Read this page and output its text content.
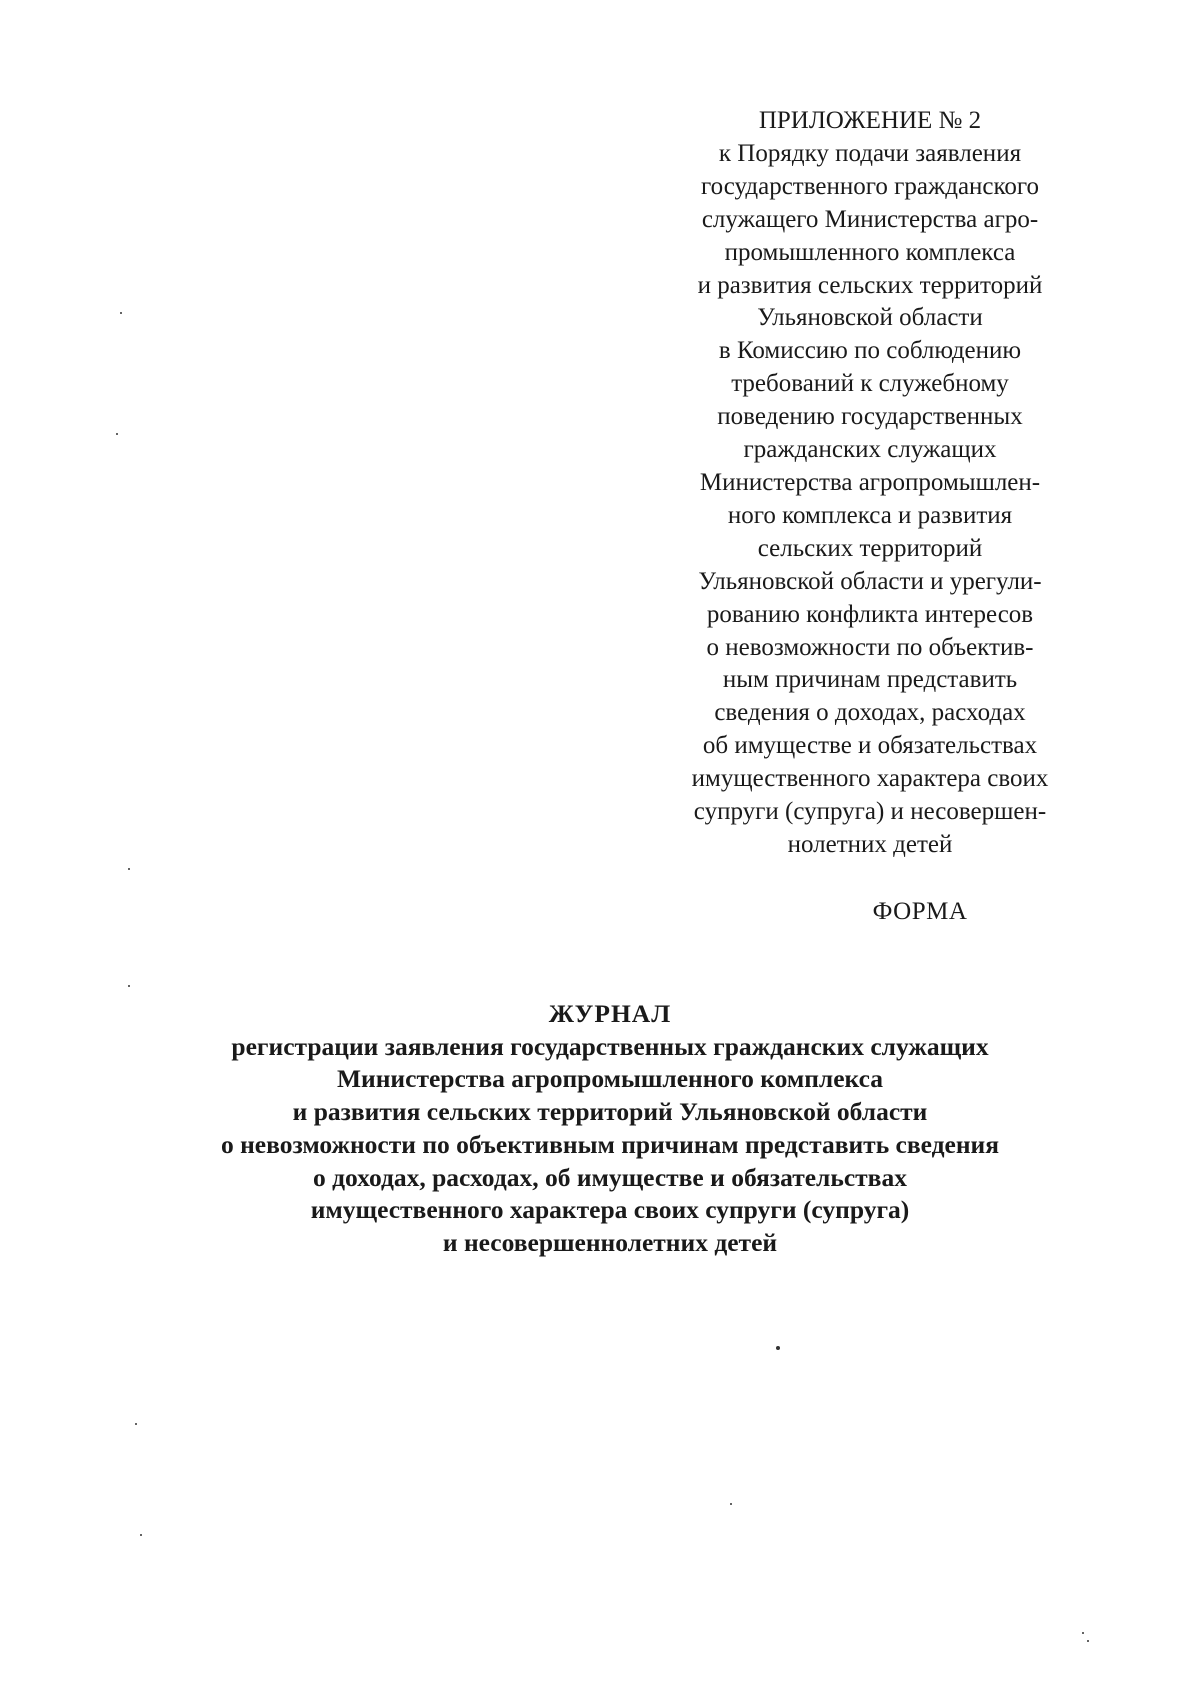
ПРИЛОЖЕНИЕ № 2
к Порядку подачи заявления
государственного гражданского
служащего Министерства агро-
промышленного комплекса
и развития сельских территорий
Ульяновской области
в Комиссию по соблюдению
требований к служебному
поведению государственных
гражданских служащих
Министерства агропромышлен-
ного комплекса и развития
сельских территорий
Ульяновской области и урегули-
рованию конфликта интересов
о невозможности по объектив-
ным причинам представить
сведения о доходах, расходах
об имуществе и обязательствах
имущественного характера своих
супруги (супруга) и несовершен-
нолетних детей
ФОРМА
ЖУРНАЛ
регистрации заявления государственных гражданских служащих
Министерства агропромышленного комплекса
и развития сельских территорий Ульяновской области
о невозможности по объективным причинам представить сведения
о доходах, расходах, об имуществе и обязательствах
имущественного характера своих супруги (супруга)
и несовершеннолетних детей
